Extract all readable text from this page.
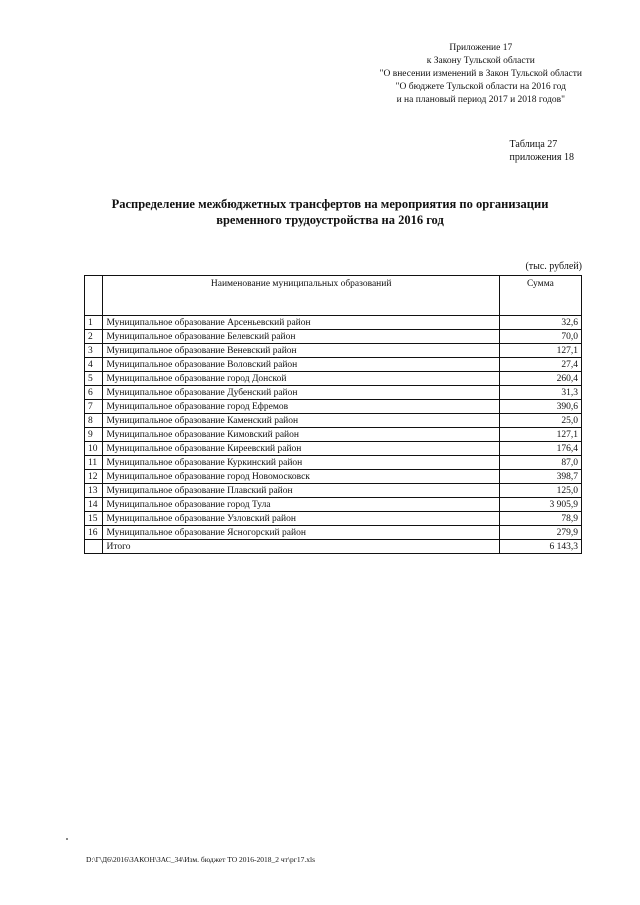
Приложение 17
к Закону Тульской области
"О внесении изменений в Закон Тульской области
"О бюджете Тульской области на 2016 год
и на плановый период 2017 и 2018 годов"
Таблица 27
приложения 18
Распределение межбюджетных трансфертов на мероприятия по организации
временного трудоустройства на 2016 год
(тыс. рублей)
	Наименование муниципальных образований	Сумма
1	Муниципальное образование Арсеньевский район	32,6
2	Муниципальное образование Белевский район	70,0
3	Муниципальное образование Веневский район	127,1
4	Муниципальное образование Воловский район	27,4
5	Муниципальное образование город Донской	260,4
6	Муниципальное образование Дубенский район	31,3
7	Муниципальное образование город Ефремов	390,6
8	Муниципальное образование Каменский район	25,0
9	Муниципальное образование Кимовский район	127,1
10	Муниципальное образование Киреевский район	176,4
11	Муниципальное образование Куркинский район	87,0
12	Муниципальное образование город Новомосковск	398,7
13	Муниципальное образование Плавский район	125,0
14	Муниципальное образование город Тула	3 905,9
15	Муниципальное образование Узловский район	78,9
16	Муниципальное образование Ясногорский район	279,9
	Итого	6 143,3
D:\Г\Д6\2016\ЗАКОН\ЗАС_34\Изм. бюджет ТО 2016-2018_2 чт\рг17.xls
